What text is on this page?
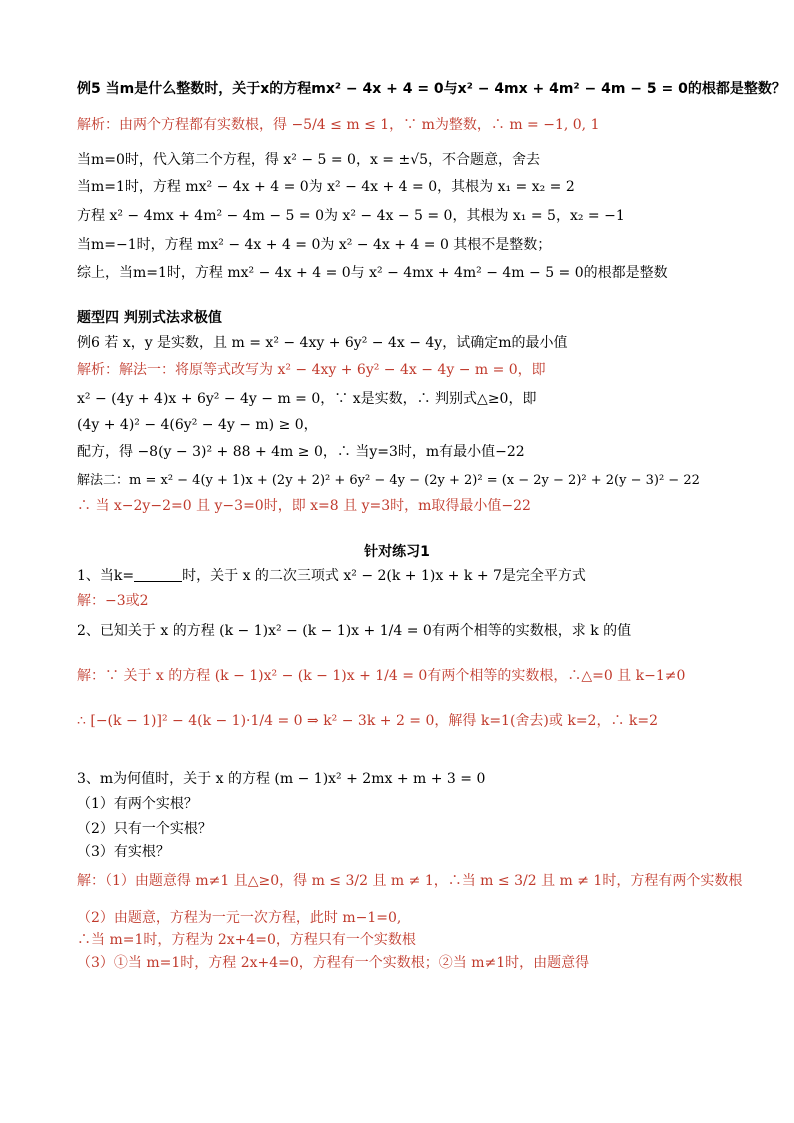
例5 当m是什么整数时，关于x的方程mx² − 4x + 4 = 0与x² − 4mx + 4m² − 4m − 5 = 0的根都是整数？
解析：由两个方程都有实数根，得 −5/4 ≤ m ≤ 1，∵ m为整数，∴ m = −1, 0, 1
当m=0时，代入第二个方程，得 x² − 5 = 0，x = ±√5，不合题意，舍去
当m=1时，方程 mx² − 4x + 4 = 0为 x² − 4x + 4 = 0，其根为 x₁ = x₂ = 2
方程 x² − 4mx + 4m² − 4m − 5 = 0为 x² − 4x − 5 = 0，其根为 x₁ = 5，x₂ = −1
当m=−1时，方程 mx² − 4x + 4 = 0为 x² − 4x + 4 = 0 其根不是整数；
综上，当m=1时，方程 mx² − 4x + 4 = 0与 x² − 4mx + 4m² − 4m − 5 = 0的根都是整数
题型四 判别式法求极值
例6 若 x，y 是实数，且 m = x² − 4xy + 6y² − 4x − 4y，试确定m的最小值
解析：解法一：将原等式改写为 x² − 4xy + 6y² − 4x − 4y − m = 0，即
x² − (4y + 4)x + 6y² − 4y − m = 0，∵ x是实数，∴ 判别式△≥0，即
(4y + 4)² − 4(6y² − 4y − m) ≥ 0，
配方，得 −8(y − 3)² + 88 + 4m ≥ 0，∴ 当y=3时，m有最小值−22
解法二：m = x² − 4(y + 1)x + (2y + 2)² + 6y² − 4y − (2y + 2)² = (x − 2y − 2)² + 2(y − 3)² − 22
∴ 当 x−2y−2=0 且 y−3=0时，即 x=8 且 y=3时，m取得最小值−22
针对练习1
1、当k=	时，关于 x 的二次三项式 x² − 2(k + 1)x + k + 7是完全平方式
解：−3或2
2、已知关于 x 的方程 (k − 1)x² − (k − 1)x + 1/4 = 0有两个相等的实数根，求 k 的值
解：∵ 关于 x 的方程 (k − 1)x² − (k − 1)x + 1/4 = 0有两个相等的实数根，∴△=0 且 k−1≠0
∴ [−(k − 1)]² − 4(k − 1)·1/4 = 0 ⇒ k² − 3k + 2 = 0，解得 k=1(舍去)或 k=2，∴ k=2
3、m为何值时，关于 x 的方程 (m − 1)x² + 2mx + m + 3 = 0
（1）有两个实根？
（2）只有一个实根？
（3）有实根？
解：（1）由题意得 m≠1 且△≥0，得 m ≤ 3/2 且 m ≠ 1，∴当 m ≤ 3/2 且 m ≠ 1时，方程有两个实数根
（2）由题意，方程为一元一次方程，此时 m−1=0,
∴当 m=1时，方程为 2x+4=0，方程只有一个实数根
（3）①当 m=1时，方程 2x+4=0，方程有一个实数根；②当 m≠1时，由题意得
